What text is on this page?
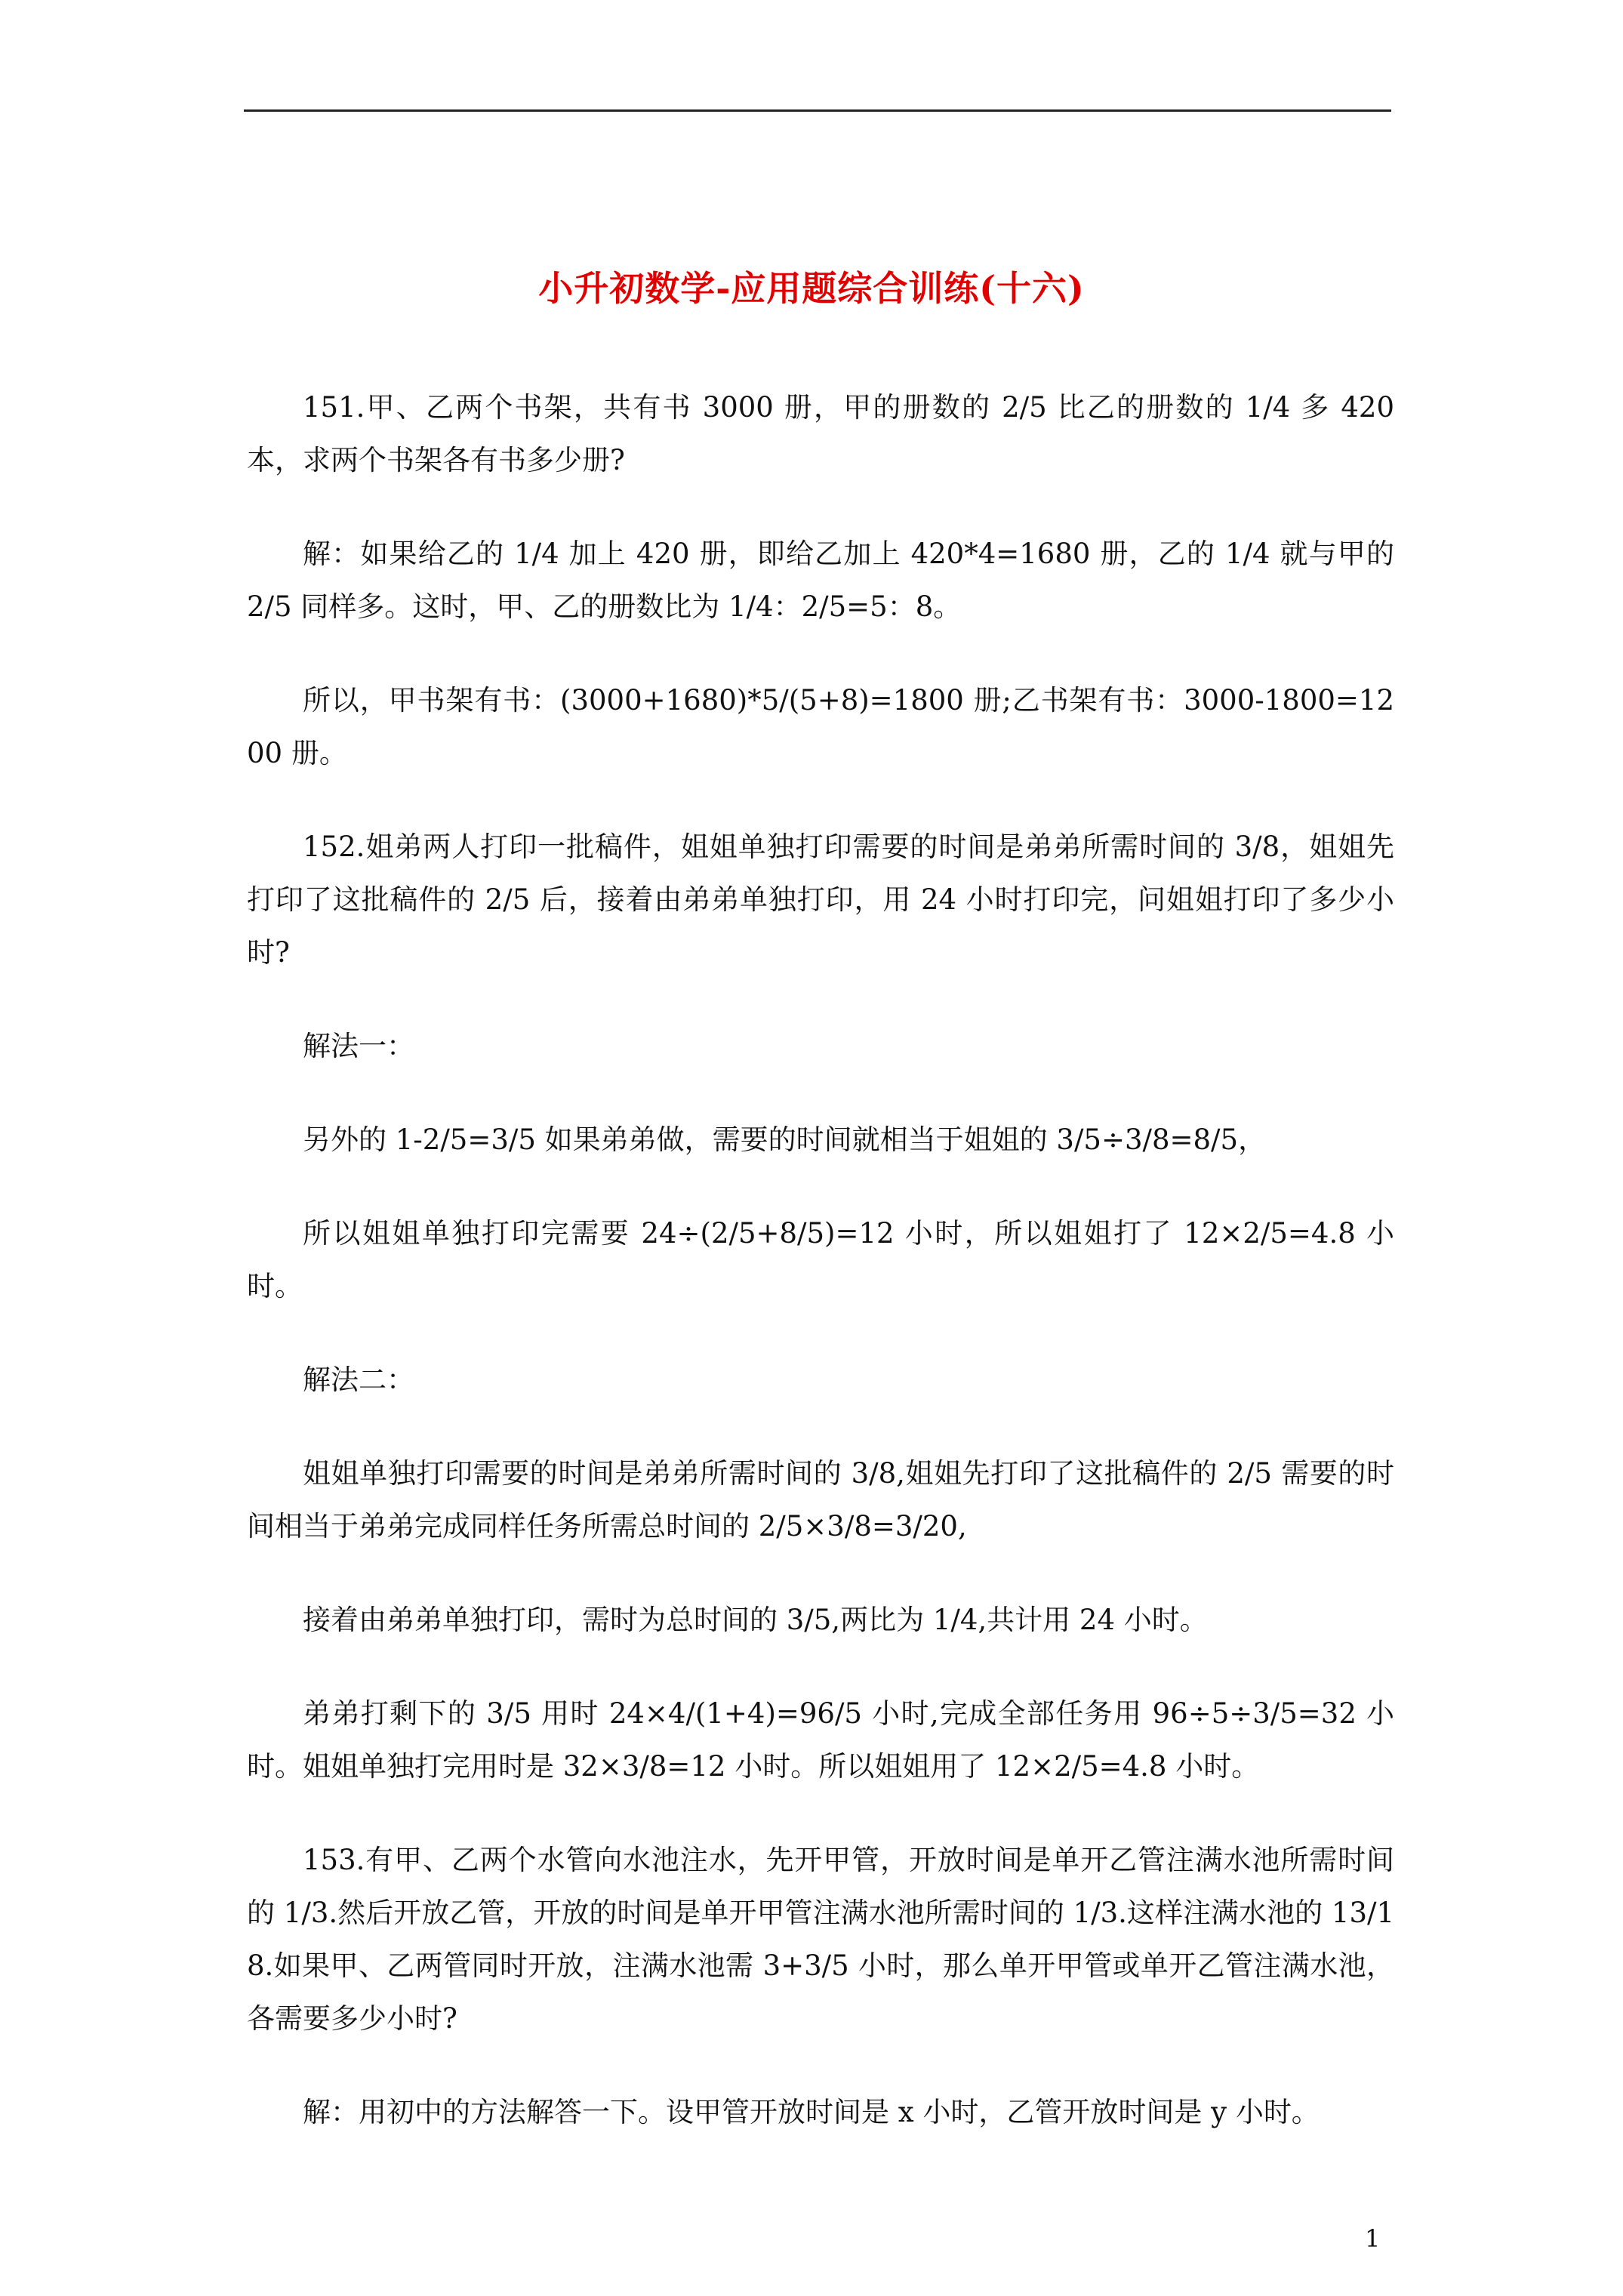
小升初数学-应用题综合训练(十六)

151.甲、乙两个书架，共有书 3000 册，甲的册数的 2/5 比乙的册数的 1/4 多 420 本，求两个书架各有书多少册?

解：如果给乙的 1/4 加上 420 册，即给乙加上 420*4=1680 册，乙的 1/4 就与甲的 2/5 同样多。这时，甲、乙的册数比为 1/4：2/5=5：8。

所以，甲书架有书：(3000+1680)*5/(5+8)=1800 册;乙书架有书：3000-1800=1200 册。

152.姐弟两人打印一批稿件，姐姐单独打印需要的时间是弟弟所需时间的 3/8，姐姐先打印了这批稿件的 2/5 后，接着由弟弟单独打印，用 24 小时打印完，问姐姐打印了多少小时?

解法一：

另外的 1-2/5=3/5 如果弟弟做，需要的时间就相当于姐姐的 3/5÷3/8=8/5，

所以姐姐单独打印完需要 24÷(2/5+8/5)=12 小时，所以姐姐打了 12×2/5=4.8 小时。

解法二：

姐姐单独打印需要的时间是弟弟所需时间的 3/8,姐姐先打印了这批稿件的 2/5 需要的时间相当于弟弟完成同样任务所需总时间的 2/5×3/8=3/20,

接着由弟弟单独打印，需时为总时间的 3/5,两比为 1/4,共计用 24 小时。

弟弟打剩下的 3/5 用时 24×4/(1+4)=96/5 小时,完成全部任务用 96÷5÷3/5=32 小时。姐姐单独打完用时是 32×3/8=12 小时。所以姐姐用了 12×2/5=4.8 小时。

153.有甲、乙两个水管向水池注水，先开甲管，开放时间是单开乙管注满水池所需时间的 1/3.然后开放乙管，开放的时间是单开甲管注满水池所需时间的 1/3.这样注满水池的 13/18.如果甲、乙两管同时开放，注满水池需 3+3/5 小时，那么单开甲管或单开乙管注满水池，各需要多少小时?

解：用初中的方法解答一下。设甲管开放时间是 x 小时，乙管开放时间是 y 小时。

1
